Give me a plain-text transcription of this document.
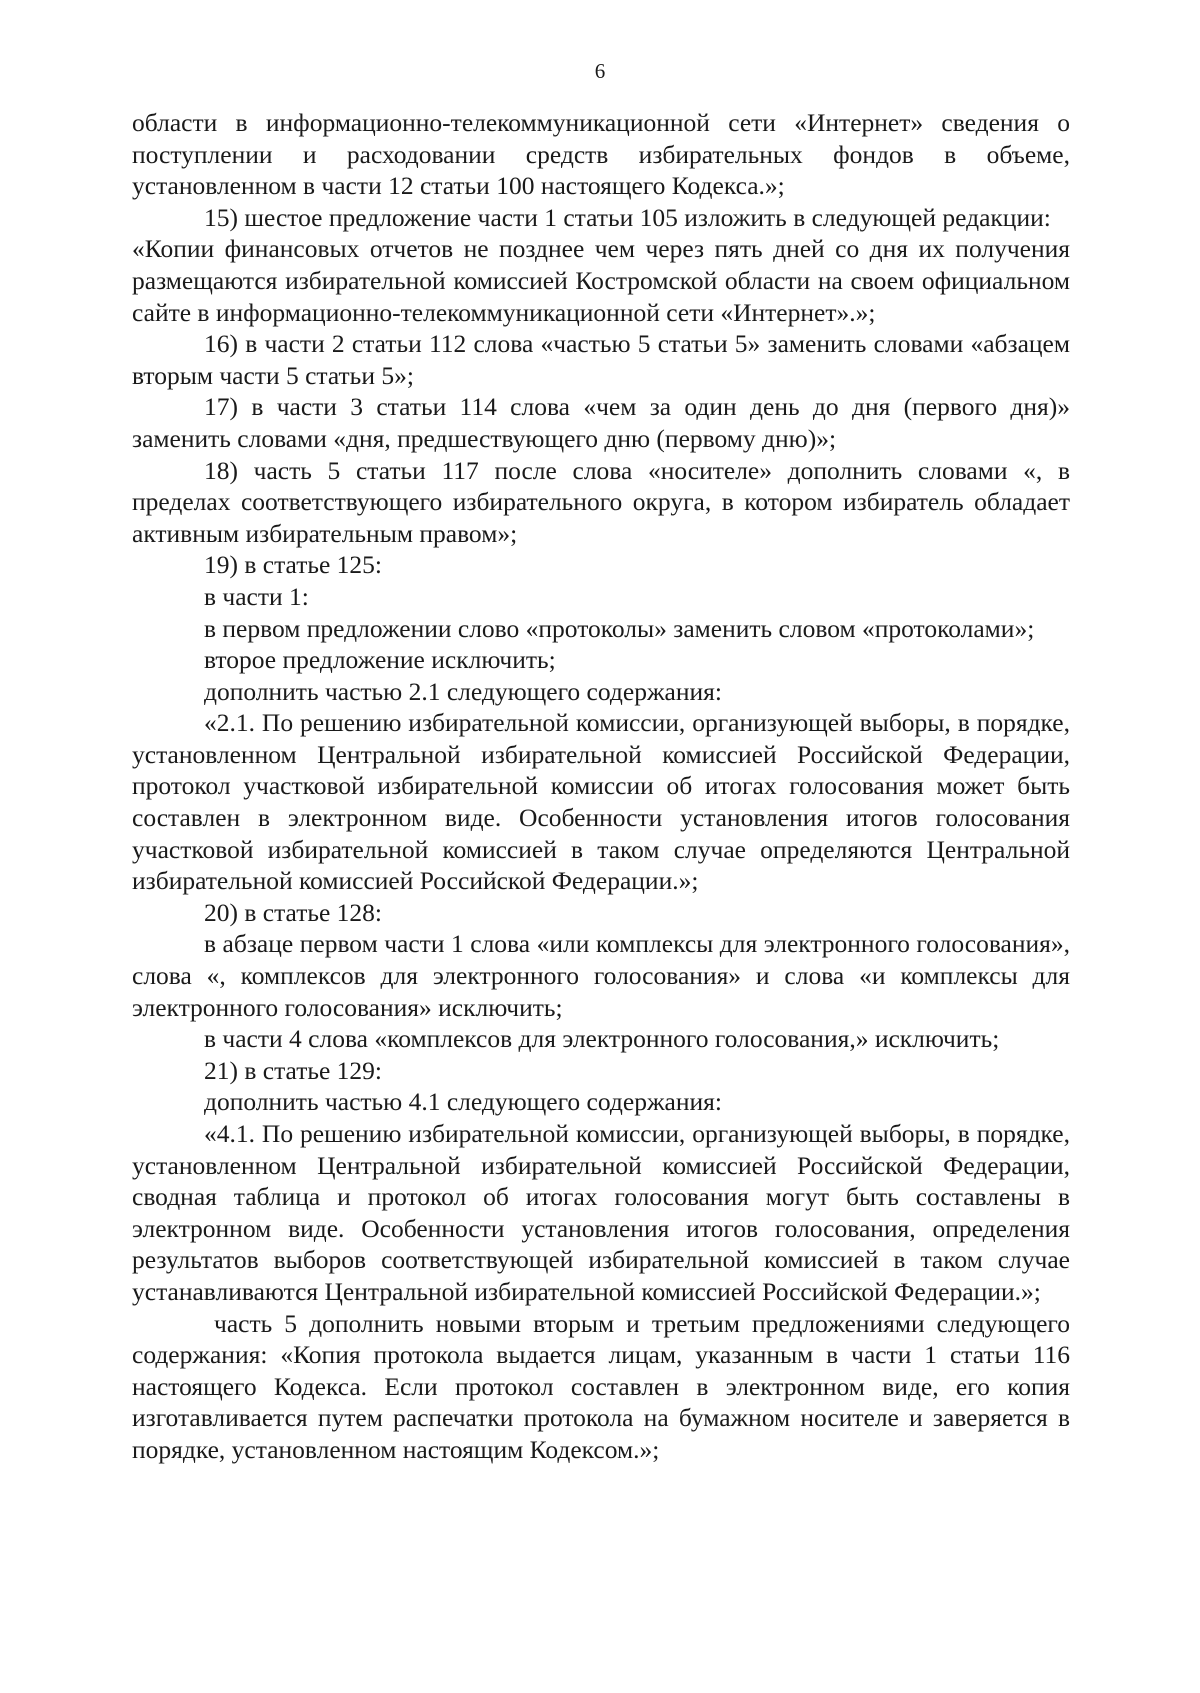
6

области в информационно-телекоммуникационной сети «Интернет» сведения о поступлении и расходовании средств избирательных фондов в объеме, установленном в части 12 статьи 100 настоящего Кодекса.»;

15) шестое предложение части 1 статьи 105 изложить в следующей редакции:

«Копии финансовых отчетов не позднее чем через пять дней со дня их получения размещаются избирательной комиссией Костромской области на своем официальном сайте в информационно-телекоммуникационной сети «Интернет».»;

16) в части 2 статьи 112 слова «частью 5 статьи 5» заменить словами «абзацем вторым части 5 статьи 5»;

17) в части 3 статьи 114 слова «чем за один день до дня (первого дня)» заменить словами «дня, предшествующего дню (первому дню)»;

18) часть 5 статьи 117 после слова «носителе» дополнить словами «, в пределах соответствующего избирательного округа, в котором избиратель обладает активным избирательным правом»;

19) в статье 125:

в части 1:

в первом предложении слово «протоколы» заменить словом «протоколами»;

второе предложение исключить;

дополнить частью 2.1 следующего содержания:

«2.1. По решению избирательной комиссии, организующей выборы, в порядке, установленном Центральной избирательной комиссией Российской Федерации, протокол участковой избирательной комиссии об итогах голосования может быть составлен в электронном виде. Особенности установления итогов голосования участковой избирательной комиссией в таком случае определяются Центральной избирательной комиссией Российской Федерации.»;

20) в статье 128:

в абзаце первом части 1 слова «или комплексы для электронного голосования», слова «, комплексов для электронного голосования» и слова «и комплексы для электронного голосования» исключить;

в части 4 слова «комплексов для электронного голосования,» исключить;

21) в статье 129:

дополнить частью 4.1 следующего содержания:

«4.1. По решению избирательной комиссии, организующей выборы, в порядке, установленном Центральной избирательной комиссией Российской Федерации, сводная таблица и протокол об итогах голосования могут быть составлены в электронном виде. Особенности установления итогов голосования, определения результатов выборов соответствующей избирательной комиссией в таком случае устанавливаются Центральной избирательной комиссией Российской Федерации.»;

часть 5 дополнить новыми вторым и третьим предложениями следующего содержания: «Копия протокола выдается лицам, указанным в части 1 статьи 116 настоящего Кодекса. Если протокол составлен в электронном виде, его копия изготавливается путем распечатки протокола на бумажном носителе и заверяется в порядке, установленном настоящим Кодексом.»;
